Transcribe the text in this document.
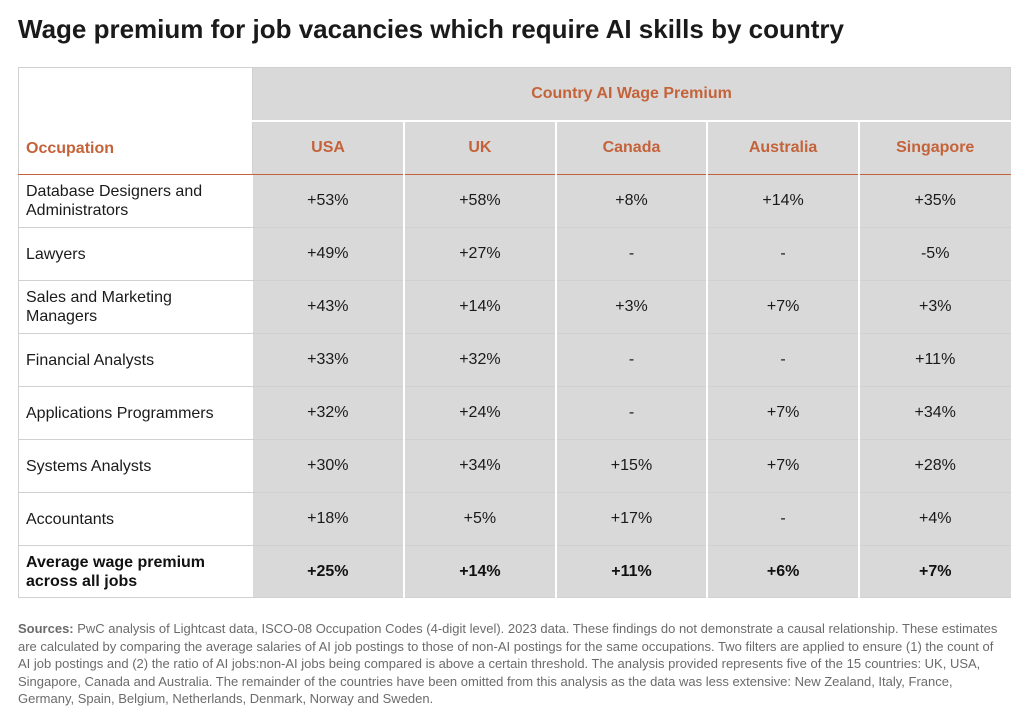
Wage premium for job vacancies which require AI skills by country
Occupation	Country AI Wage Premium				
	USA	UK	Canada	Australia	Singapore

Database Designers and Administrators	+53%	+58%	+8%	+14%	+35%

Lawyers	+49%	+27%	-	-	-5%

Sales and Marketing Managers	+43%	+14%	+3%	+7%	+3%

Financial Analysts	+33%	+32%	-	-	+11%

Applications Programmers	+32%	+24%	-	+7%	+34%

Systems Analysts	+30%	+34%	+15%	+7%	+28%

Accountants	+18%	+5%	+17%	-	+4%

Average wage premium across all jobs	+25%	+14%	+11%	+6%	+7%

Sources: PwC analysis of Lightcast data, ISCO-08 Occupation Codes (4-digit level). 2023 data. These findings do not demonstrate a causal relationship. These estimates are calculated by comparing the average salaries of AI job postings to those of non-AI postings for the same occupations. Two filters are applied to ensure (1) the count of AI job postings and (2) the ratio of AI jobs:non-AI jobs being compared is above a certain threshold. The analysis provided represents five of the 15 countries: UK, USA, Singapore, Canada and Australia. The remainder of the countries have been omitted from this analysis as the data was less extensive: New Zealand, Italy, France, Germany, Spain, Belgium, Netherlands, Denmark, Norway and Sweden.
